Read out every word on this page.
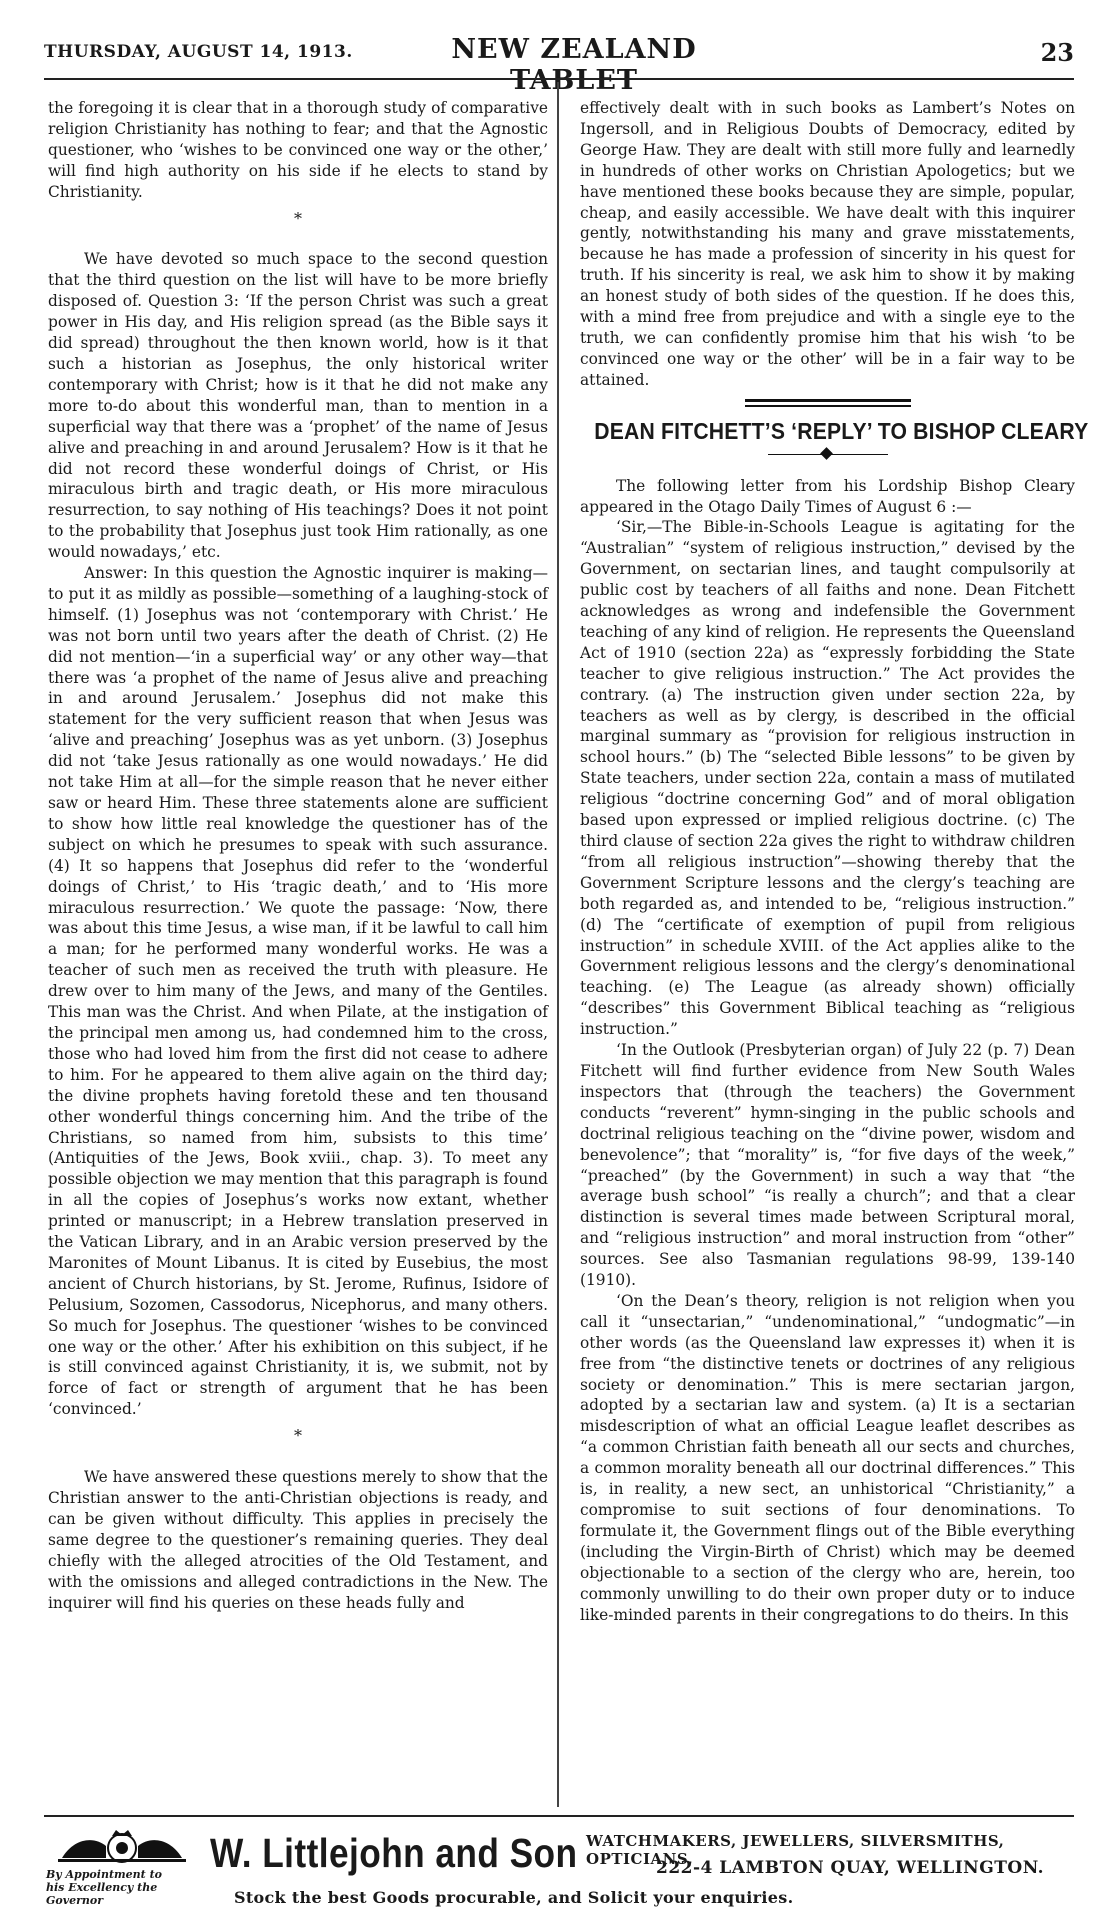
THURSDAY, AUGUST 14, 1913.	NEW ZEALAND TABLET
23

the foregoing it is clear that in a thorough study of comparative religion Christianity has nothing to fear; and that the Agnostic questioner, who ‘wishes to be convinced one way or the other,’ will find high authority on his side if he elects to stand by Christianity.

*

We have devoted so much space to the second question that the third question on the list will have to be more briefly disposed of. Question 3: ‘If the person Christ was such a great power in His day, and His religion spread (as the Bible says it did spread) throughout the then known world, how is it that such a historian as Josephus, the only historical writer contemporary with Christ; how is it that he did not make any more to-do about this wonderful man, than to mention in a superficial way that there was a ‘prophet’ of the name of Jesus alive and preaching in and around Jerusalem? How is it that he did not record these wonderful doings of Christ, or His miraculous birth and tragic death, or His more miraculous resurrection, to say nothing of His teachings? Does it not point to the probability that Josephus just took Him rationally, as one would nowadays,’ etc.

Answer: In this question the Agnostic inquirer is making—to put it as mildly as possible—something of a laughing-stock of himself. (1) Josephus was not ‘contemporary with Christ.’ He was not born until two years after the death of Christ. (2) He did not mention—‘in a superficial way’ or any other way—that there was ‘a prophet of the name of Jesus alive and preaching in and around Jerusalem.’ Josephus did not make this statement for the very sufficient reason that when Jesus was ‘alive and preaching’ Josephus was as yet unborn. (3) Josephus did not ‘take Jesus rationally as one would nowadays.’ He did not take Him at all—for the simple reason that he never either saw or heard Him. These three statements alone are sufficient to show how little real knowledge the questioner has of the subject on which he presumes to speak with such assurance. (4) It so happens that Josephus did refer to the ‘wonderful doings of Christ,’ to His ‘tragic death,’ and to ‘His more miraculous resurrection.’ We quote the passage: ‘Now, there was about this time Jesus, a wise man, if it be lawful to call him a man; for he performed many wonderful works. He was a teacher of such men as received the truth with pleasure. He drew over to him many of the Jews, and many of the Gentiles. This man was the Christ. And when Pilate, at the instigation of the principal men among us, had condemned him to the cross, those who had loved him from the first did not cease to adhere to him. For he appeared to them alive again on the third day; the divine prophets having foretold these and ten thousand other wonderful things concerning him. And the tribe of the Christians, so named from him, subsists to this time’ (Antiquities of the Jews, Book xviii., chap. 3). To meet any possible objection we may mention that this paragraph is found in all the copies of Josephus’s works now extant, whether printed or manuscript; in a Hebrew translation preserved in the Vatican Library, and in an Arabic version preserved by the Maronites of Mount Libanus. It is cited by Eusebius, the most ancient of Church historians, by St. Jerome, Rufinus, Isidore of Pelusium, Sozomen, Cassodorus, Nicephorus, and many others. So much for Josephus. The questioner ‘wishes to be convinced one way or the other.’ After his exhibition on this subject, if he is still convinced against Christianity, it is, we submit, not by force of fact or strength of argument that he has been ‘convinced.’

*

We have answered these questions merely to show that the Christian answer to the anti-Christian objections is ready, and can be given without difficulty. This applies in precisely the same degree to the questioner’s remaining queries. They deal chiefly with the alleged atrocities of the Old Testament, and with the omissions and alleged contradictions in the New. The inquirer will find his queries on these heads fully and

effectively dealt with in such books as Lambert’s Notes on Ingersoll, and in Religious Doubts of Democracy, edited by George Haw. They are dealt with still more fully and learnedly in hundreds of other works on Christian Apologetics; but we have mentioned these books because they are simple, popular, cheap, and easily accessible. We have dealt with this inquirer gently, notwithstanding his many and grave misstatements, because he has made a profession of sincerity in his quest for truth. If his sincerity is real, we ask him to show it by making an honest study of both sides of the question. If he does this, with a mind free from prejudice and with a single eye to the truth, we can confidently promise him that his wish ‘to be convinced one way or the other’ will be in a fair way to be attained.

DEAN FITCHETT’S ‘REPLY’ TO BISHOP CLEARY

The following letter from his Lordship Bishop Cleary appeared in the Otago Daily Times of August 6 :—

‘Sir,—The Bible-in-Schools League is agitating for the “Australian” “system of religious instruction,” devised by the Government, on sectarian lines, and taught compulsorily at public cost by teachers of all faiths and none. Dean Fitchett acknowledges as wrong and indefensible the Government teaching of any kind of religion. He represents the Queensland Act of 1910 (section 22a) as “expressly forbidding the State teacher to give religious instruction.” The Act provides the contrary. (a) The instruction given under section 22a, by teachers as well as by clergy, is described in the official marginal summary as “provision for religious instruction in school hours.” (b) The “selected Bible lessons” to be given by State teachers, under section 22a, contain a mass of mutilated religious “doctrine concerning God” and of moral obligation based upon expressed or implied religious doctrine. (c) The third clause of section 22a gives the right to withdraw children “from all religious instruction”—showing thereby that the Government Scripture lessons and the clergy’s teaching are both regarded as, and intended to be, “religious instruction.” (d) The “certificate of exemption of pupil from religious instruction” in schedule XVIII. of the Act applies alike to the Government religious lessons and the clergy’s denominational teaching. (e) The League (as already shown) officially “describes” this Government Biblical teaching as “religious instruction.”

‘In the Outlook (Presbyterian organ) of July 22 (p. 7) Dean Fitchett will find further evidence from New South Wales inspectors that (through the teachers) the Government conducts “reverent” hymn-singing in the public schools and doctrinal religious teaching on the “divine power, wisdom and benevolence”; that “morality” is, “for five days of the week,” “preached” (by the Government) in such a way that “the average bush school” “is really a church”; and that a clear distinction is several times made between Scriptural moral, and “religious instruction” and moral instruction from “other” sources. See also Tasmanian regulations 98-99, 139-140 (1910).

‘On the Dean’s theory, religion is not religion when you call it “unsectarian,” “undenominational,” “undogmatic”—in other words (as the Queensland law expresses it) when it is free from “the distinctive tenets or doctrines of any religious society or denomination.” This is mere sectarian jargon, adopted by a sectarian law and system. (a) It is a sectarian misdescription of what an official League leaflet describes as “a common Christian faith beneath all our sects and churches, a common morality beneath all our doctrinal differences.” This is, in reality, a new sect, an unhistorical “Christianity,” a compromise to suit sections of four denominations. To formulate it, the Government flings out of the Bible everything (including the Virgin-Birth of Christ) which may be deemed objectionable to a section of the clergy who are, herein, too commonly unwilling to do their own proper duty or to induce like-minded parents in their congregations to do theirs. In this

By Appointment to his Excellency the Governor
W. Littlejohn and Son WATCHMAKERS, JEWELLERS, SILVERSMITHS, OPTICIANS,
222-4 LAMBTON QUAY, WELLINGTON.
Stock the best Goods procurable, and Solicit your enquiries.
